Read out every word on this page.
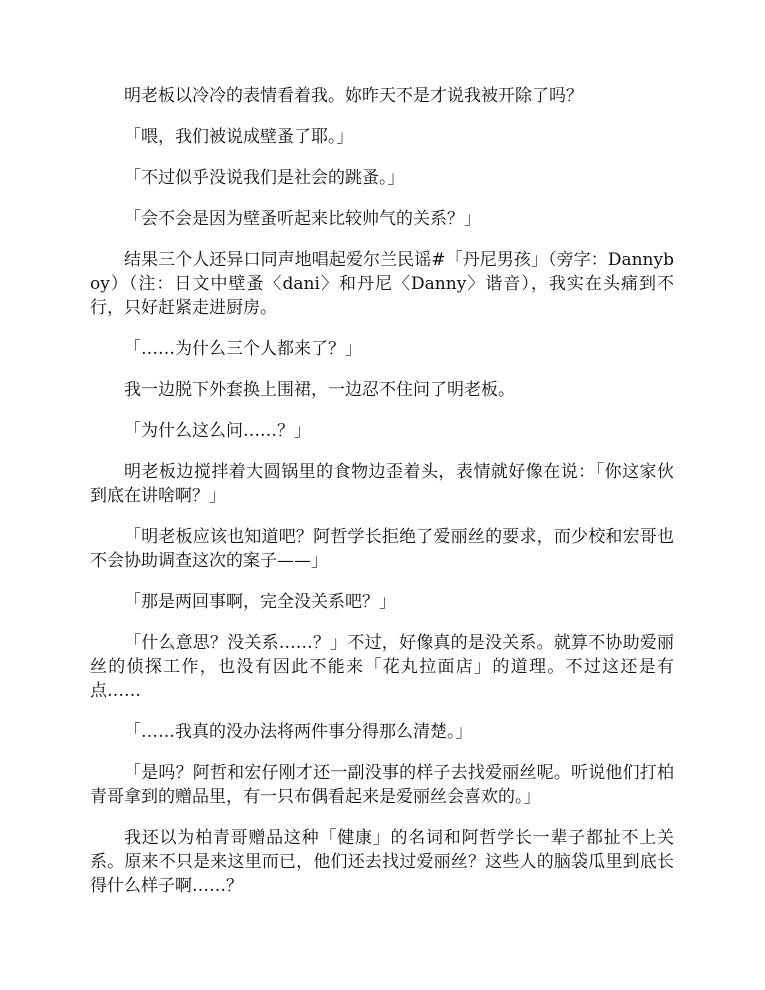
明老板以冷冷的表情看着我。妳昨天不是才说我被开除了吗？

「喂，我们被说成壁蚤了耶。」

「不过似乎没说我们是社会的跳蚤。」

「会不会是因为壁蚤听起来比较帅气的关系？」

结果三个人还异口同声地唱起爱尔兰民谣#「丹尼男孩」（旁字：Dannyboy）（注：日文中壁蚤〈dani〉和丹尼〈Danny〉谐音），我实在头痛到不行，只好赶紧走进厨房。

「……为什么三个人都来了？」

我一边脱下外套换上围裙，一边忍不住问了明老板。

「为什么这么问……？」

明老板边搅拌着大圆锅里的食物边歪着头，表情就好像在说：「你这家伙到底在讲啥啊？」

「明老板应该也知道吧？阿哲学长拒绝了爱丽丝的要求，而少校和宏哥也不会协助调查这次的案子——」

「那是两回事啊，完全没关系吧？」

「什么意思？没关系……？」不过，好像真的是没关系。就算不协助爱丽丝的侦探工作，也没有因此不能来「花丸拉面店」的道理。不过这还是有点……

「……我真的没办法将两件事分得那么清楚。」

「是吗？阿哲和宏仔刚才还一副没事的样子去找爱丽丝呢。听说他们打柏青哥拿到的赠品里，有一只布偶看起来是爱丽丝会喜欢的。」

我还以为柏青哥赠品这种「健康」的名词和阿哲学长一辈子都扯不上关系。原来不只是来这里而已，他们还去找过爱丽丝？这些人的脑袋瓜里到底长得什么样子啊……？
